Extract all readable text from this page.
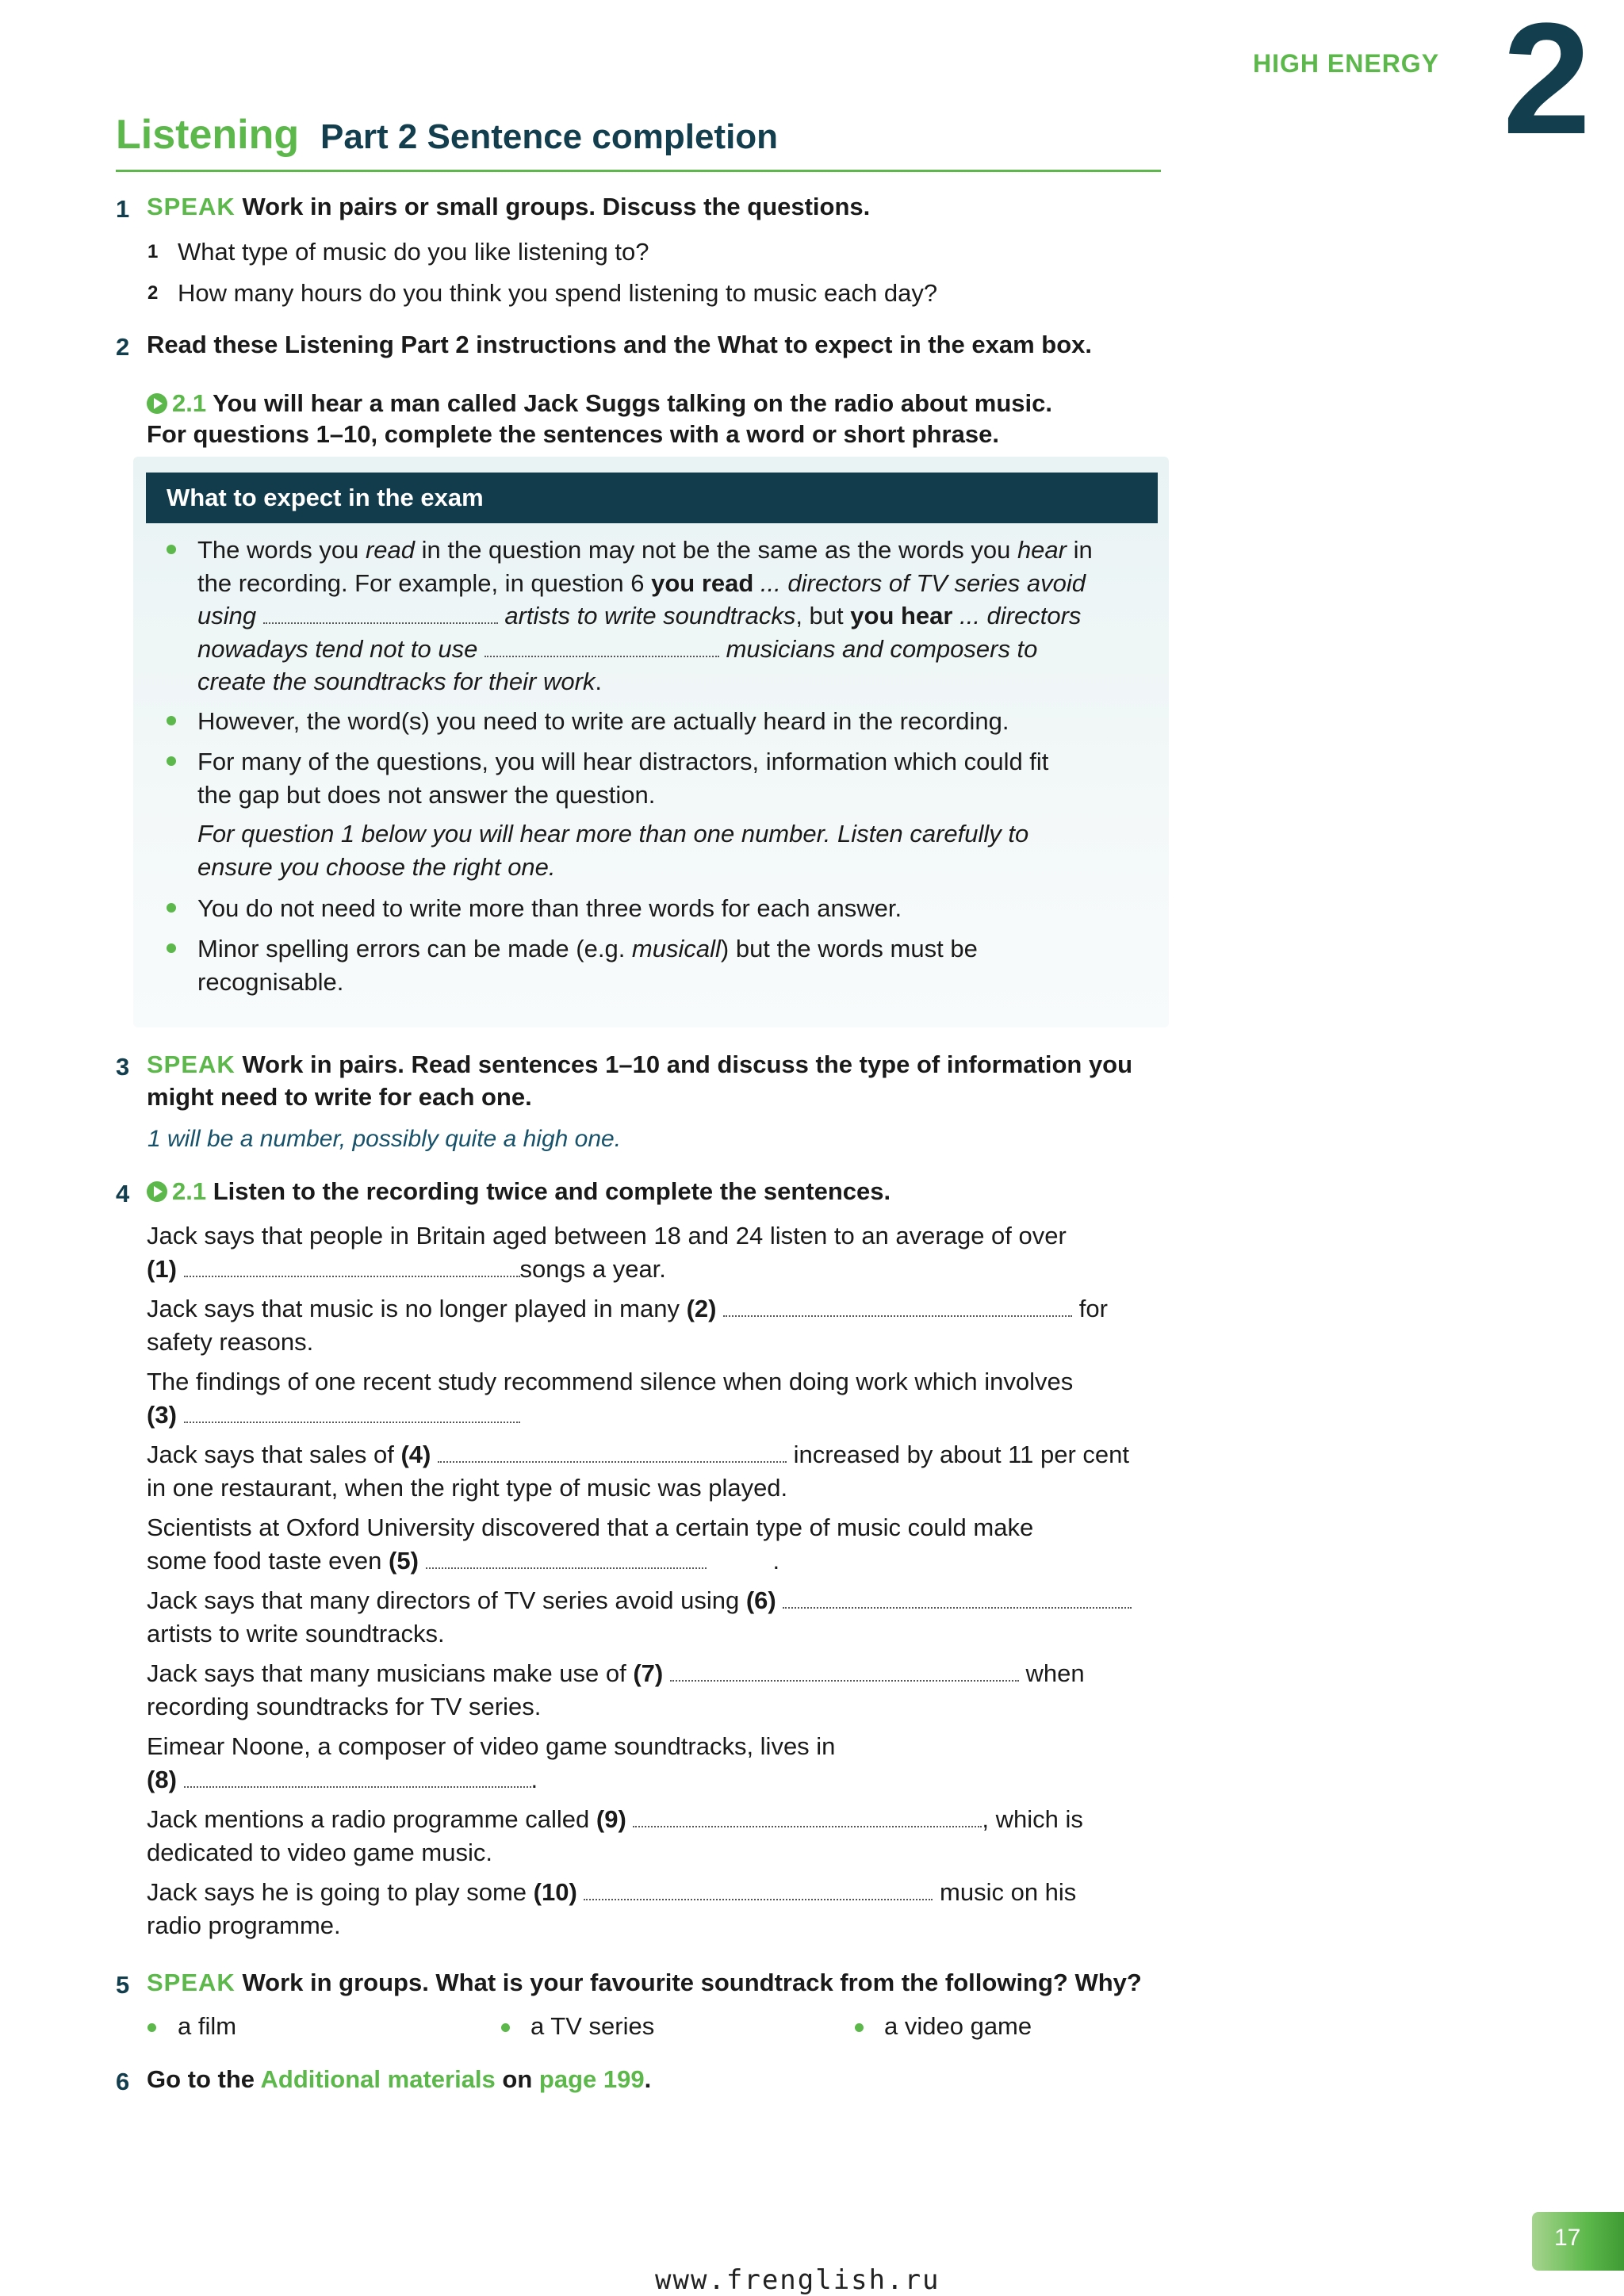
HIGH ENERGY 2
Listening Part 2 Sentence completion
1 SPEAK Work in pairs or small groups. Discuss the questions.
1 What type of music do you like listening to?
2 How many hours do you think you spend listening to music each day?
2 Read these Listening Part 2 instructions and the What to expect in the exam box.
2.1 You will hear a man called Jack Suggs talking on the radio about music.
For questions 1–10, complete the sentences with a word or short phrase.
What to expect in the exam
The words you read in the question may not be the same as the words you hear in
the recording. For example, in question 6 you read ... directors of TV series avoid
using	artists to write soundtracks, but you hear ... directors
nowadays tend not to use	musicians and composers to
create the soundtracks for their work.
However, the word(s) you need to write are actually heard in the recording.
For many of the questions, you will hear distractors, information which could fit
the gap but does not answer the question.
For question 1 below you will hear more than one number. Listen carefully to
ensure you choose the right one.
You do not need to write more than three words for each answer.
Minor spelling errors can be made (e.g. musicall) but the words must be
recognisable.
3 SPEAK Work in pairs. Read sentences 1–10 and discuss the type of information you
might need to write for each one.
1 will be a number, possibly quite a high one.
4	2.1 Listen to the recording twice and complete the sentences.
Jack says that people in Britain aged between 18 and 24 listen to an average of over
(1)	songs a year.
Jack says that music is no longer played in many (2)	for
safety reasons.
The findings of one recent study recommend silence when doing work which involves
(3)
Jack says that sales of (4)	increased by about 11 per cent
in one restaurant, when the right type of music was played.
Scientists at Oxford University discovered that a certain type of music could make
some food taste even (5)	.
Jack says that many directors of TV series avoid using (6)
artists to write soundtracks.
Jack says that many musicians make use of (7)	when
recording soundtracks for TV series.
Eimear Noone, a composer of video game soundtracks, lives in
(8)	.
Jack mentions a radio programme called (9)	, which is
dedicated to video game music.
Jack says he is going to play some (10)	music on his
radio programme.
5 SPEAK Work in groups. What is your favourite soundtrack from the following? Why?
a film	a TV series	a video game
6 Go to the Additional materials on page 199.
17
www.frenglish.ru
